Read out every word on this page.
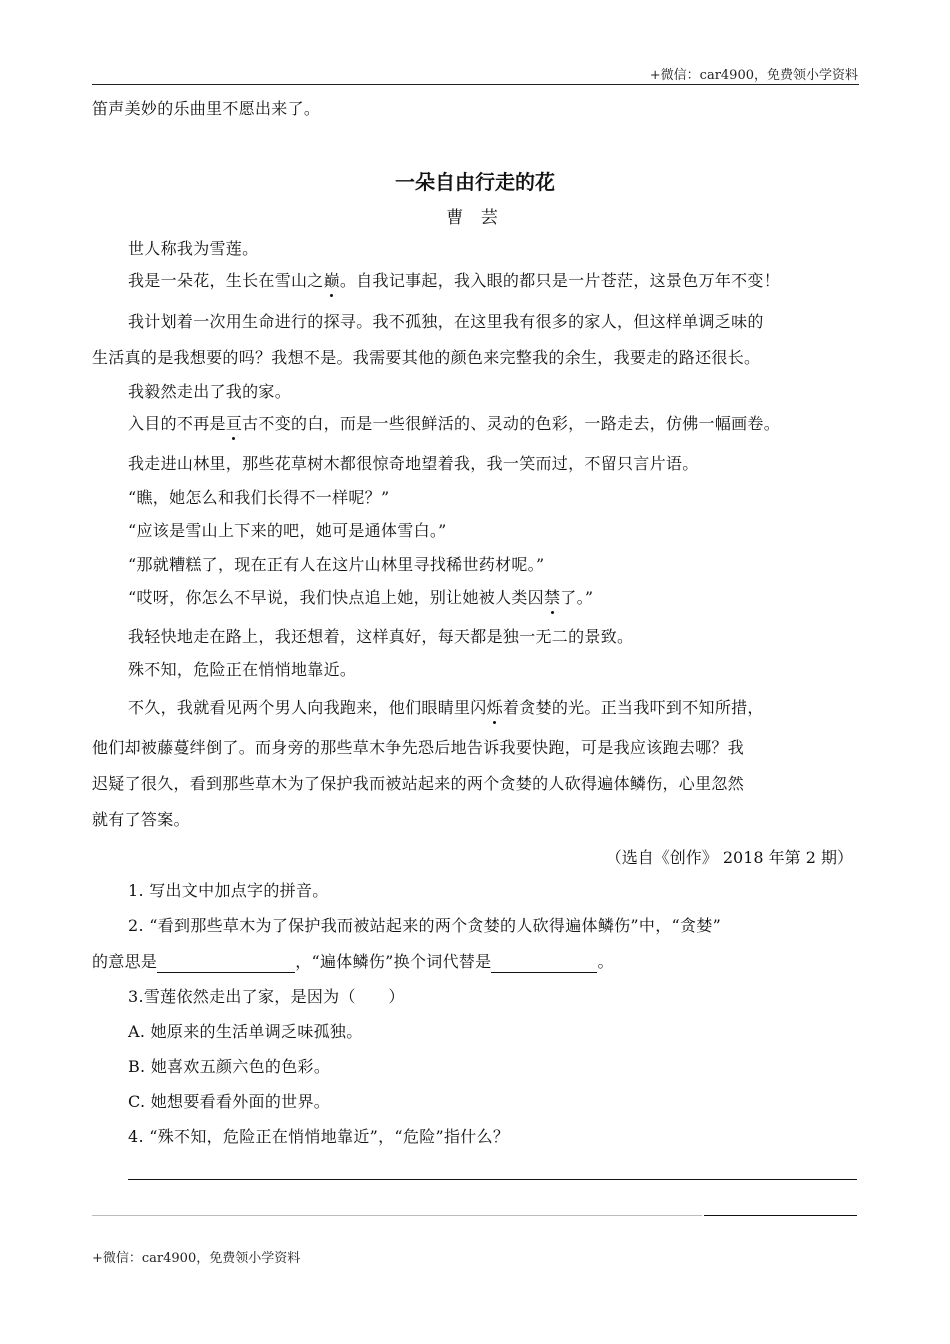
+微信：car4900，免费领小学资料
笛声美妙的乐曲里不愿出来了。
一朵自由行走的花
曹 芸
世人称我为雪莲。
我是一朵花，生长在雪山之巅。自我记事起，我入眼的都只是一片苍茫，这景色万年不变！
我计划着一次用生命进行的探寻。我不孤独，在这里我有很多的家人，但这样单调乏味的
生活真的是我想要的吗？我想不是。我需要其他的颜色来完整我的余生，我要走的路还很长。
我毅然走出了我的家。
入目的不再是亘古不变的白，而是一些很鲜活的、灵动的色彩，一路走去，仿佛一幅画卷。
我走进山林里，那些花草树木都很惊奇地望着我，我一笑而过，不留只言片语。
“瞧，她怎么和我们长得不一样呢？”
“应该是雪山上下来的吧，她可是通体雪白。”
“那就糟糕了，现在正有人在这片山林里寻找稀世药材呢。”
“哎呀，你怎么不早说，我们快点追上她，别让她被人类囚禁了。”
我轻快地走在路上，我还想着，这样真好，每天都是独一无二的景致。
殊不知，危险正在悄悄地靠近。
不久，我就看见两个男人向我跑来，他们眼睛里闪烁着贪婪的光。正当我吓到不知所措，
他们却被藤蔓绊倒了。而身旁的那些草木争先恐后地告诉我要快跑，可是我应该跑去哪？我
迟疑了很久，看到那些草木为了保护我而被站起来的两个贪婪的人砍得遍体鳞伤，心里忽然
就有了答案。
（选自《创作》 2018 年第 2 期）
1. 写出文中加点字的拼音。
2. “看到那些草木为了保护我而被站起来的两个贪婪的人砍得遍体鳞伤”中，“贪婪”
的意思是	，“遍体鳞伤”换个词代替是	。
3.雪莲依然走出了家，是因为（　　）
A. 她原来的生活单调乏味孤独。
B. 她喜欢五颜六色的色彩。
C. 她想要看看外面的世界。
4. “殊不知，危险正在悄悄地靠近”，“危险”指什么？
+微信：car4900，免费领小学资料
